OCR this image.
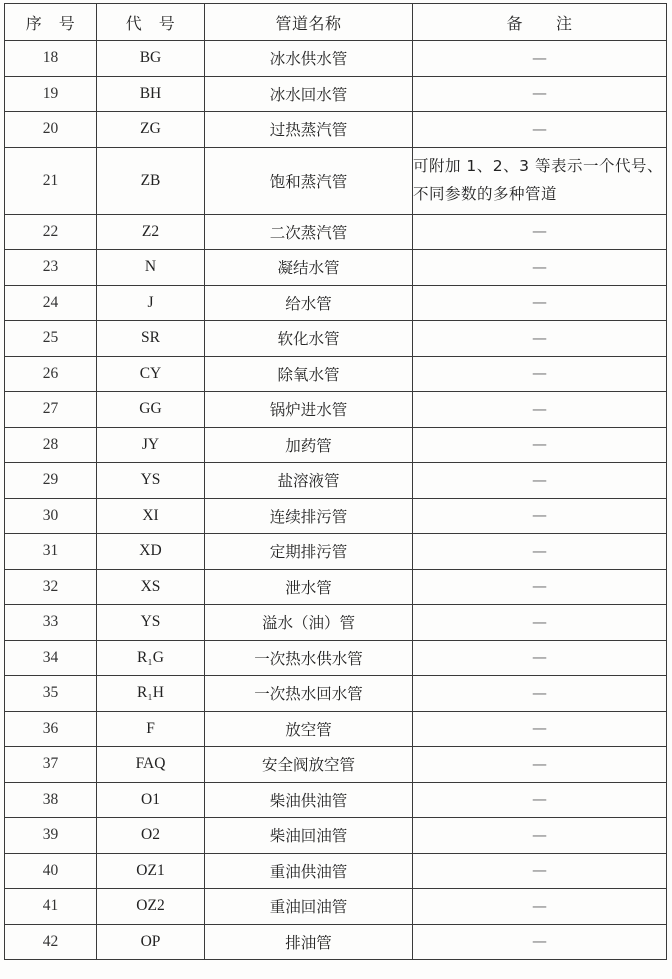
序　号	代　号	管道名称	备　　注
18	BG	冰水供水管	—
19	BH	冰水回水管	—
20	ZG	过热蒸汽管	—
21	ZB	饱和蒸汽管	可附加 1、2、3 等表示一个代号、不同参数的多种管道
22	Z2	二次蒸汽管	—
23	N	凝结水管	—
24	J	给水管	—
25	SR	软化水管	—
26	CY	除氧水管	—
27	GG	锅炉进水管	—
28	JY	加药管	—
29	YS	盐溶液管	—
30	XI	连续排污管	—
31	XD	定期排污管	—
32	XS	泄水管	—
33	YS	溢水（油）管	—
34	R₁G	一次热水供水管	—
35	R₁H	一次热水回水管	—
36	F	放空管	—
37	FAQ	安全阀放空管	—
38	O1	柴油供油管	—
39	O2	柴油回油管	—
40	OZ1	重油供油管	—
41	OZ2	重油回油管	—
42	OP	排油管	—
